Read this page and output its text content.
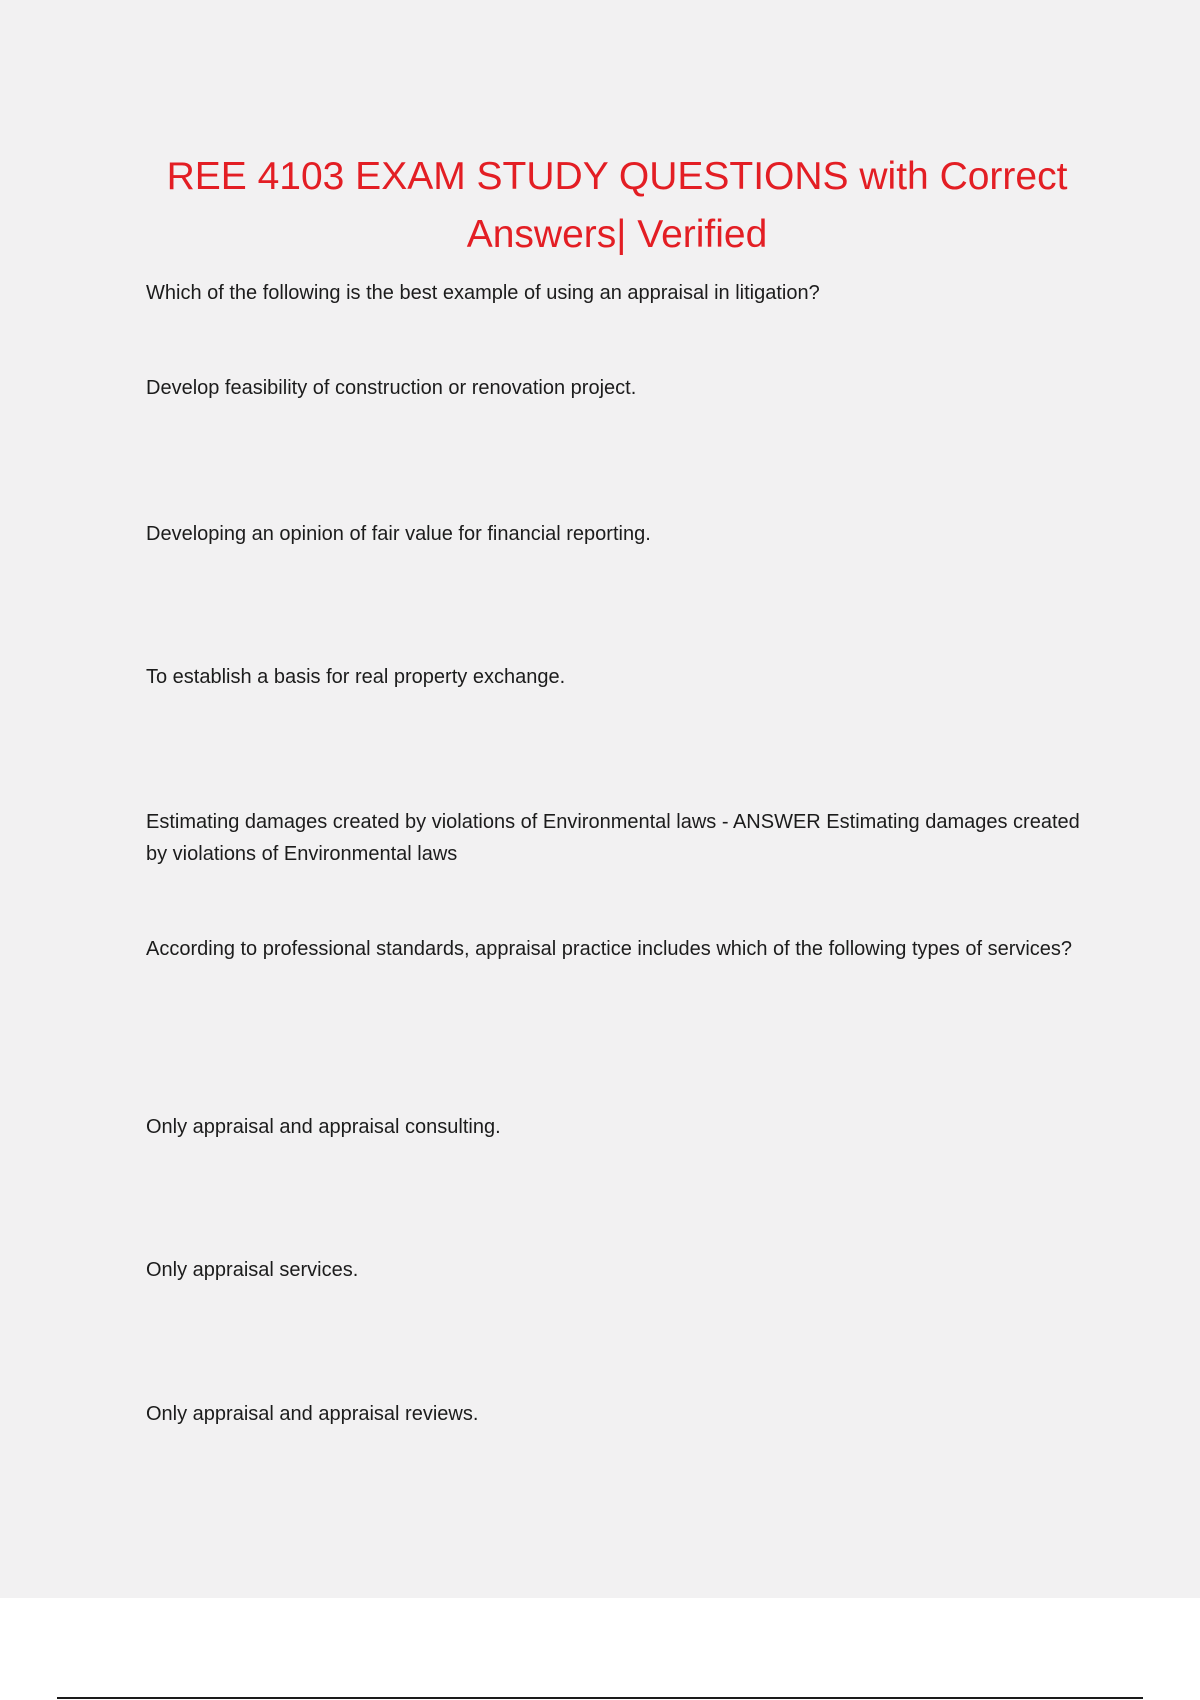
REE 4103 EXAM STUDY QUESTIONS with Correct Answers| Verified

Which of the following is the best example of using an appraisal in litigation?

Develop feasibility of construction or renovation project.

Developing an opinion of fair value for financial reporting.

To establish a basis for real property exchange.

Estimating damages created by violations of Environmental laws - ANSWER Estimating damages created by violations of Environmental laws

According to professional standards, appraisal practice includes which of the following types of services?

Only appraisal and appraisal consulting.

Only appraisal services.

Only appraisal and appraisal reviews.
